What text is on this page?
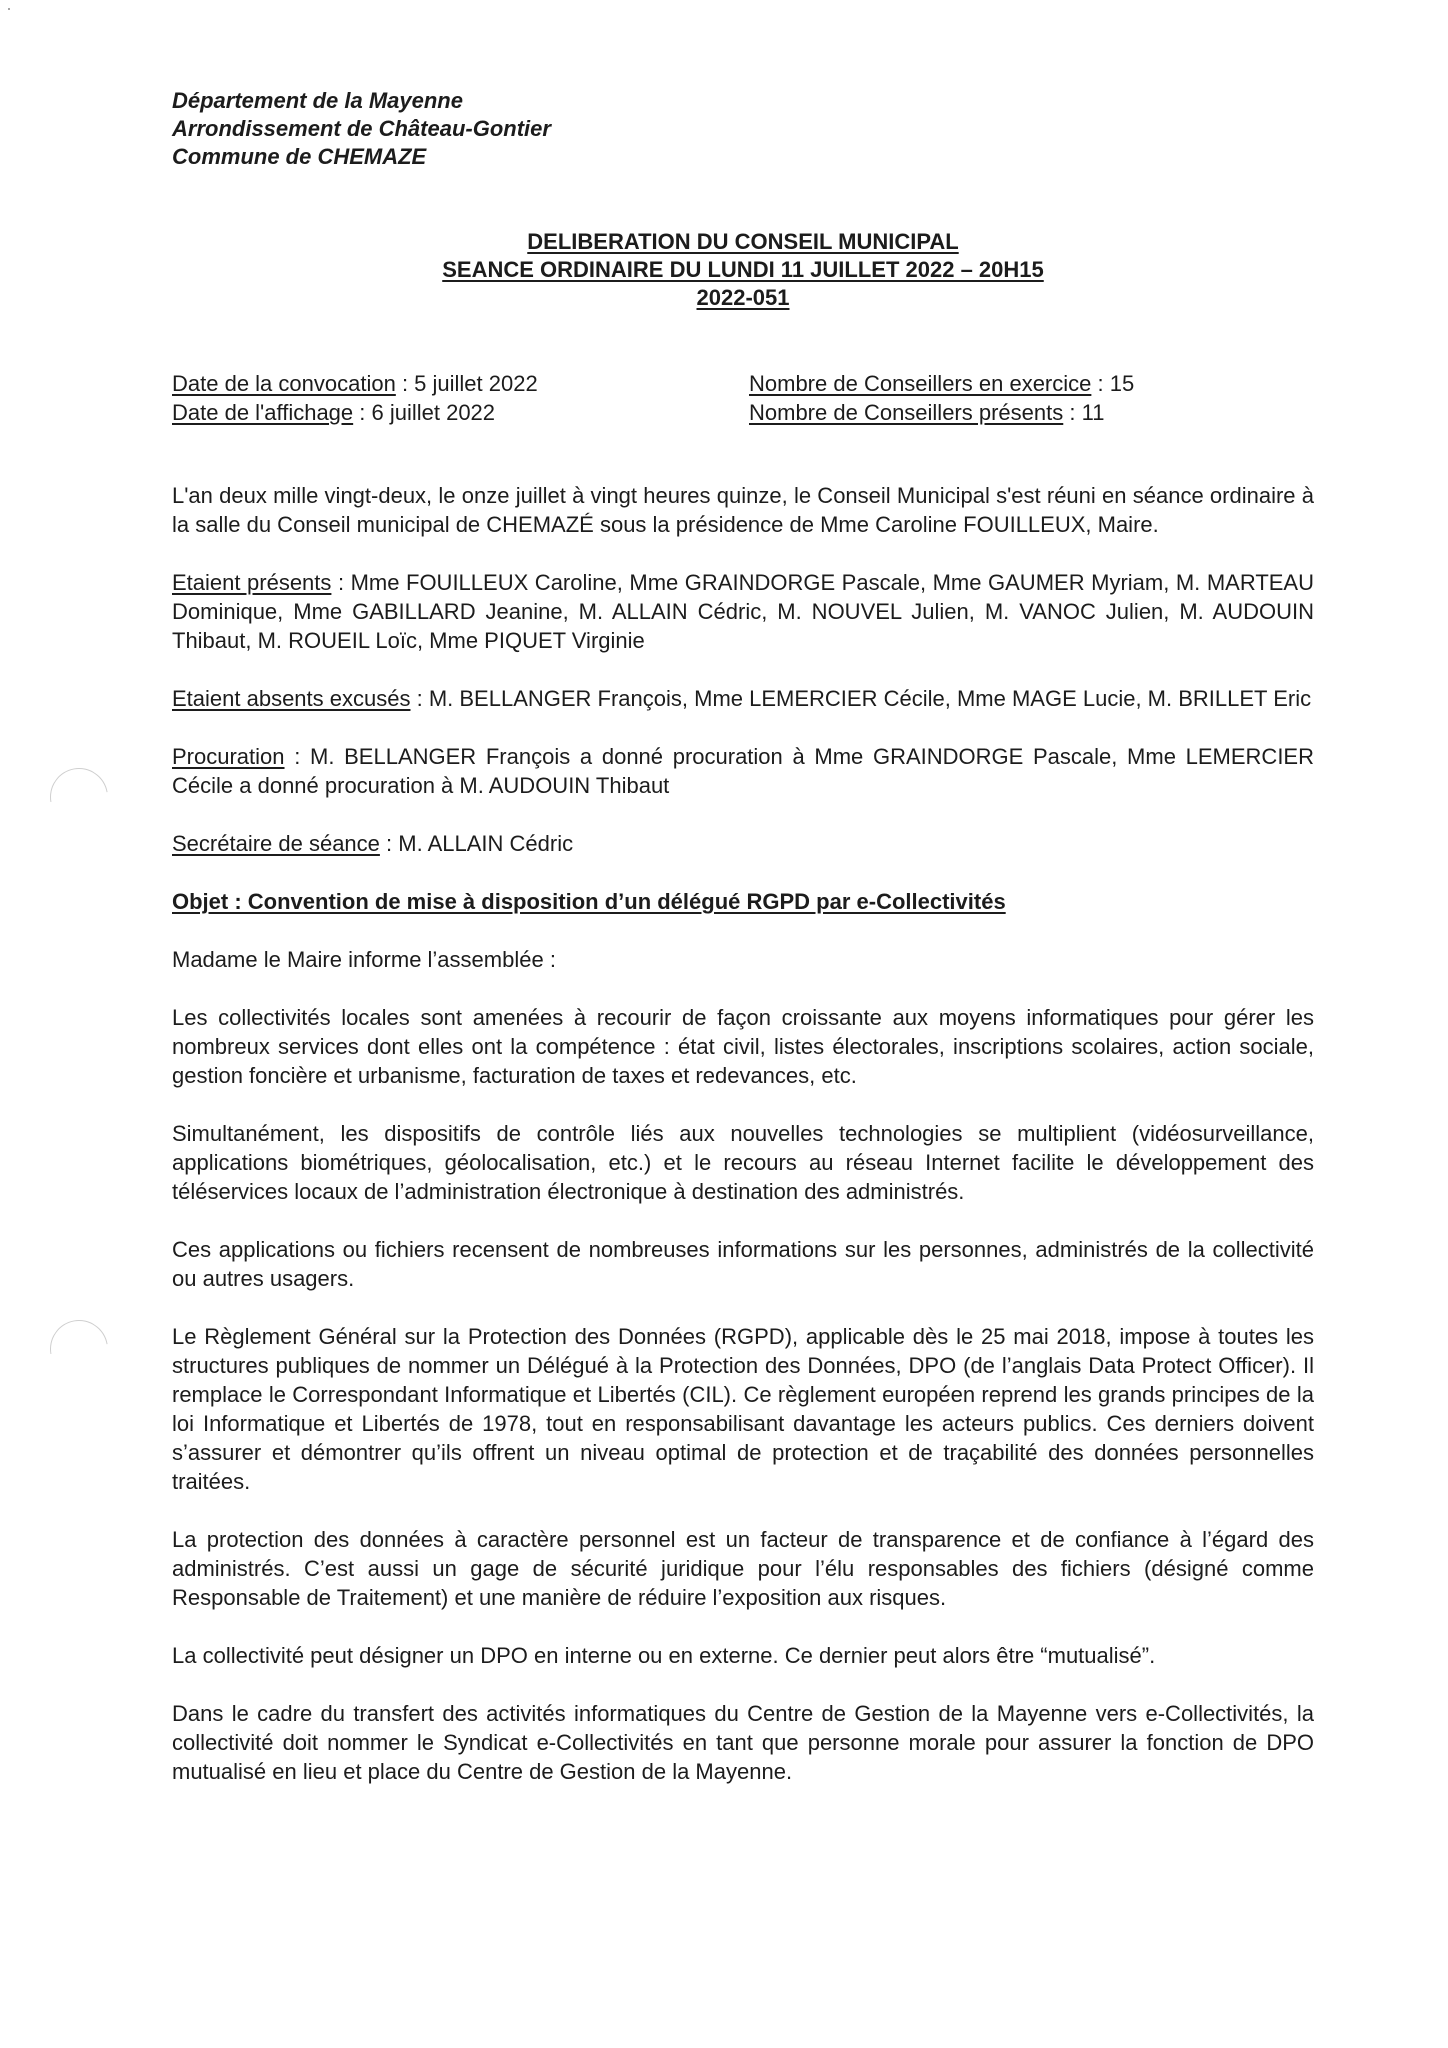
Département de la Mayenne
Arrondissement de Château-Gontier
Commune de CHEMAZE
DELIBERATION DU CONSEIL MUNICIPAL
SEANCE ORDINAIRE DU LUNDI 11 JUILLET 2022 – 20H15
2022-051
Date de la convocation : 5 juillet 2022	Nombre de Conseillers en exercice : 15
Date de l'affichage : 6 juillet 2022	Nombre de Conseillers présents : 11

L'an deux mille vingt-deux, le onze juillet à vingt heures quinze, le Conseil Municipal s'est réuni en séance ordinaire à la salle du Conseil municipal de CHEMAZÉ sous la présidence de Mme Caroline FOUILLEUX, Maire.

Etaient présents : Mme FOUILLEUX Caroline, Mme GRAINDORGE Pascale, Mme GAUMER Myriam, M. MARTEAU Dominique, Mme GABILLARD Jeanine, M. ALLAIN Cédric, M. NOUVEL Julien, M. VANOC Julien, M. AUDOUIN Thibaut, M. ROUEIL Loïc, Mme PIQUET Virginie

Etaient absents excusés : M. BELLANGER François, Mme LEMERCIER Cécile, Mme MAGE Lucie, M. BRILLET Eric

Procuration : M. BELLANGER François a donné procuration à Mme GRAINDORGE Pascale, Mme LEMERCIER Cécile a donné procuration à M. AUDOUIN Thibaut

Secrétaire de séance : M. ALLAIN Cédric

Objet : Convention de mise à disposition d’un délégué RGPD par e-Collectivités

Madame le Maire informe l’assemblée :

Les collectivités locales sont amenées à recourir de façon croissante aux moyens informatiques pour gérer les nombreux services dont elles ont la compétence : état civil, listes électorales, inscriptions scolaires, action sociale, gestion foncière et urbanisme, facturation de taxes et redevances, etc.

Simultanément, les dispositifs de contrôle liés aux nouvelles technologies se multiplient (vidéosurveillance, applications biométriques, géolocalisation, etc.) et le recours au réseau Internet facilite le développement des téléservices locaux de l’administration électronique à destination des administrés.

Ces applications ou fichiers recensent de nombreuses informations sur les personnes, administrés de la collectivité ou autres usagers.

Le Règlement Général sur la Protection des Données (RGPD), applicable dès le 25 mai 2018, impose à toutes les structures publiques de nommer un Délégué à la Protection des Données, DPO (de l’anglais Data Protect Officer). Il remplace le Correspondant Informatique et Libertés (CIL). Ce règlement européen reprend les grands principes de la loi Informatique et Libertés de 1978, tout en responsabilisant davantage les acteurs publics. Ces derniers doivent s’assurer et démontrer qu’ils offrent un niveau optimal de protection et de traçabilité des données personnelles traitées.

La protection des données à caractère personnel est un facteur de transparence et de confiance à l’égard des administrés. C’est aussi un gage de sécurité juridique pour l’élu responsables des fichiers (désigné comme Responsable de Traitement) et une manière de réduire l’exposition aux risques.

La collectivité peut désigner un DPO en interne ou en externe. Ce dernier peut alors être “mutualisé”.

Dans le cadre du transfert des activités informatiques du Centre de Gestion de la Mayenne vers e-Collectivités, la collectivité doit nommer le Syndicat e-Collectivités en tant que personne morale pour assurer la fonction de DPO mutualisé en lieu et place du Centre de Gestion de la Mayenne.
